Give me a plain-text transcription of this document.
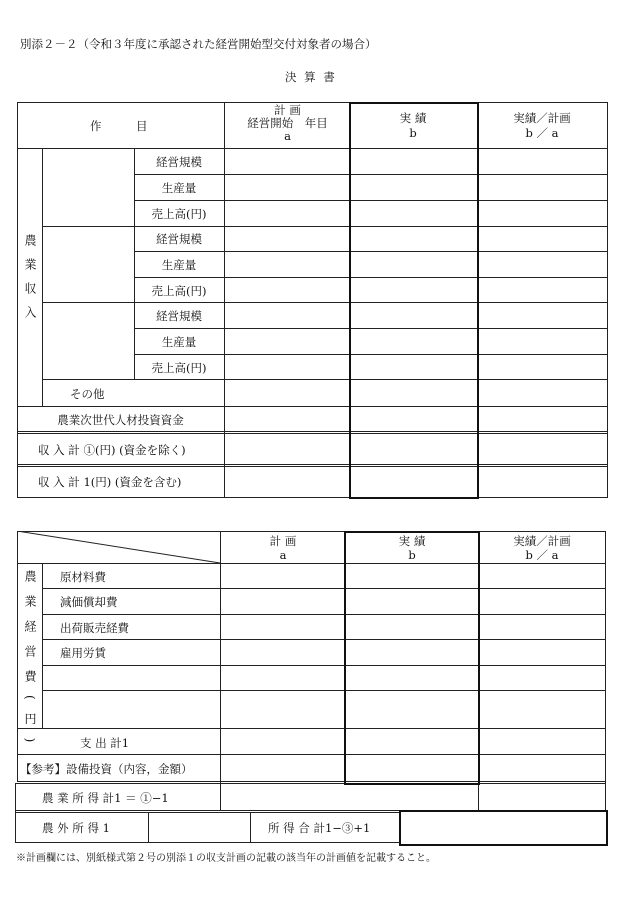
別添２－２（令和３年度に承認された経営開始型交付対象者の場合）
決 算 書
作　　　目
計 画
経営開始　年目
a
実 績
b
実績／計画
b ／ a
農業収入
経営規模
生産量
売上高(円)
経営規模
生産量
売上高(円)
経営規模
生産量
売上高(円)
その他
農業次世代人材投資資金
収 入 計 ①(円) (資金を除く)
収 入 計 1(円) (資金を含む)
計 画
a
実 績
b
実績／計画
b ／ a
農業経営費(円) 原材料費
減価償却費
出荷販売経費
雇用労賃
支 出 計1
【参考】設備投資（内容，金額）
農 業 所 得 計1 ＝ ①−1
農 外 所 得 1	所 得 合 計1−③+1
※計画欄には、別紙様式第２号の別添１の収支計画の記載の該当年の計画値を記載すること。
